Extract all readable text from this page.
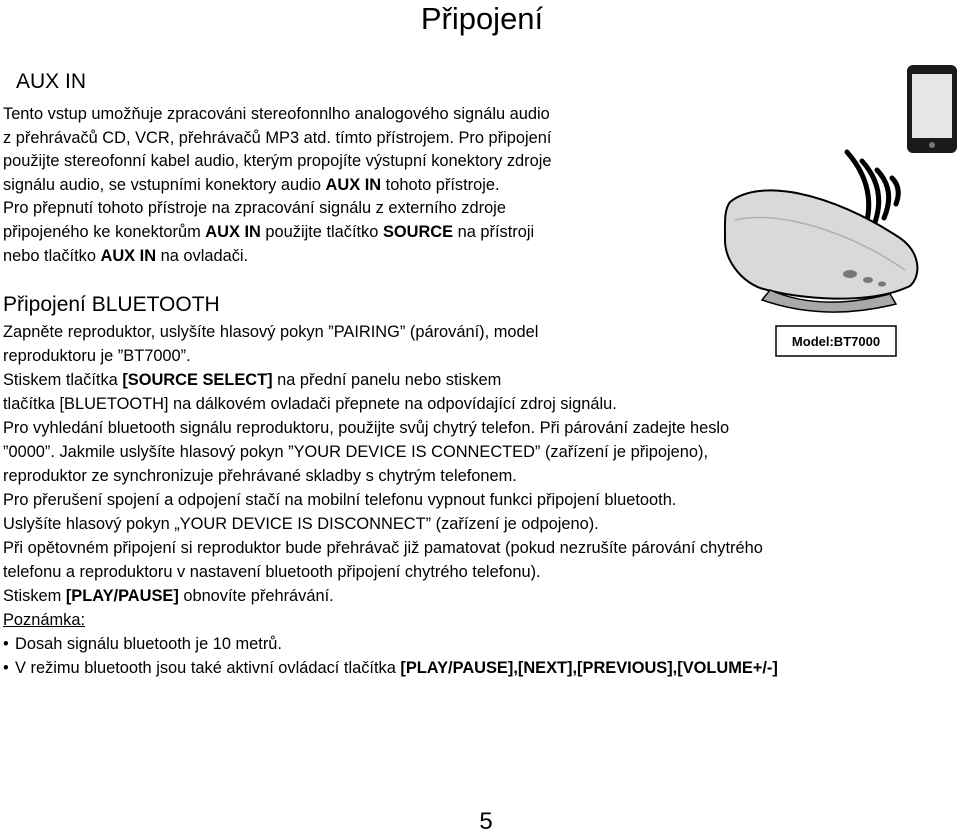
Připojení
AUX IN
Tento vstup umožňuje zpracováni stereofonnlho analogového signálu audio
z přehrávačů CD, VCR, přehrávačů MP3 atd. tímto přístrojem. Pro připojení
použijte stereofonní kabel audio, kterým propojíte výstupní konektory zdroje
signálu audio, se vstupními konektory audio AUX IN tohoto přístroje.
Pro přepnutí tohoto přístroje na zpracování signálu z externího zdroje
připojeného ke konektorům AUX IN použijte tlačítko SOURCE na přístroji
nebo tlačítko AUX IN na ovladači.
Připojení BLUETOOTH
Zapněte reproduktor, uslyšíte hlasový pokyn ”PAIRING” (párování), model
reproduktoru je ”BT7000”.
Stiskem tlačítka [SOURCE SELECT] na přední panelu nebo stiskem
tlačítka [BLUETOOTH] na dálkovém ovladači přepnete na odpovídající zdroj signálu.
Pro vyhledání bluetooth signálu reproduktoru, použijte svůj chytrý telefon. Při párování zadejte heslo
”0000”. Jakmile uslyšíte hlasový pokyn ”YOUR DEVICE IS CONNECTED” (zařízení je připojeno),
reproduktor ze synchronizuje přehrávané skladby s chytrým telefonem.
Pro přerušení spojení a odpojení stačí na mobilní telefonu vypnout funkci připojení bluetooth.
Uslyšíte hlasový pokyn „YOUR DEVICE IS DISCONNECT” (zařízení je odpojeno).
Při opětovném připojení si reproduktor bude přehrávač již pamatovat (pokud nezrušíte párování chytrého
telefonu a reproduktoru v nastavení bluetooth připojení chytrého telefonu).
Stiskem [PLAY/PAUSE] obnovíte přehrávání.
Poznámka:
• Dosah signálu bluetooth je 10 metrů.
• V režimu bluetooth jsou také aktivní ovládací tlačítka [PLAY/PAUSE],[NEXT],[PREVIOUS],[VOLUME+/-]
Model:BT7000
5
